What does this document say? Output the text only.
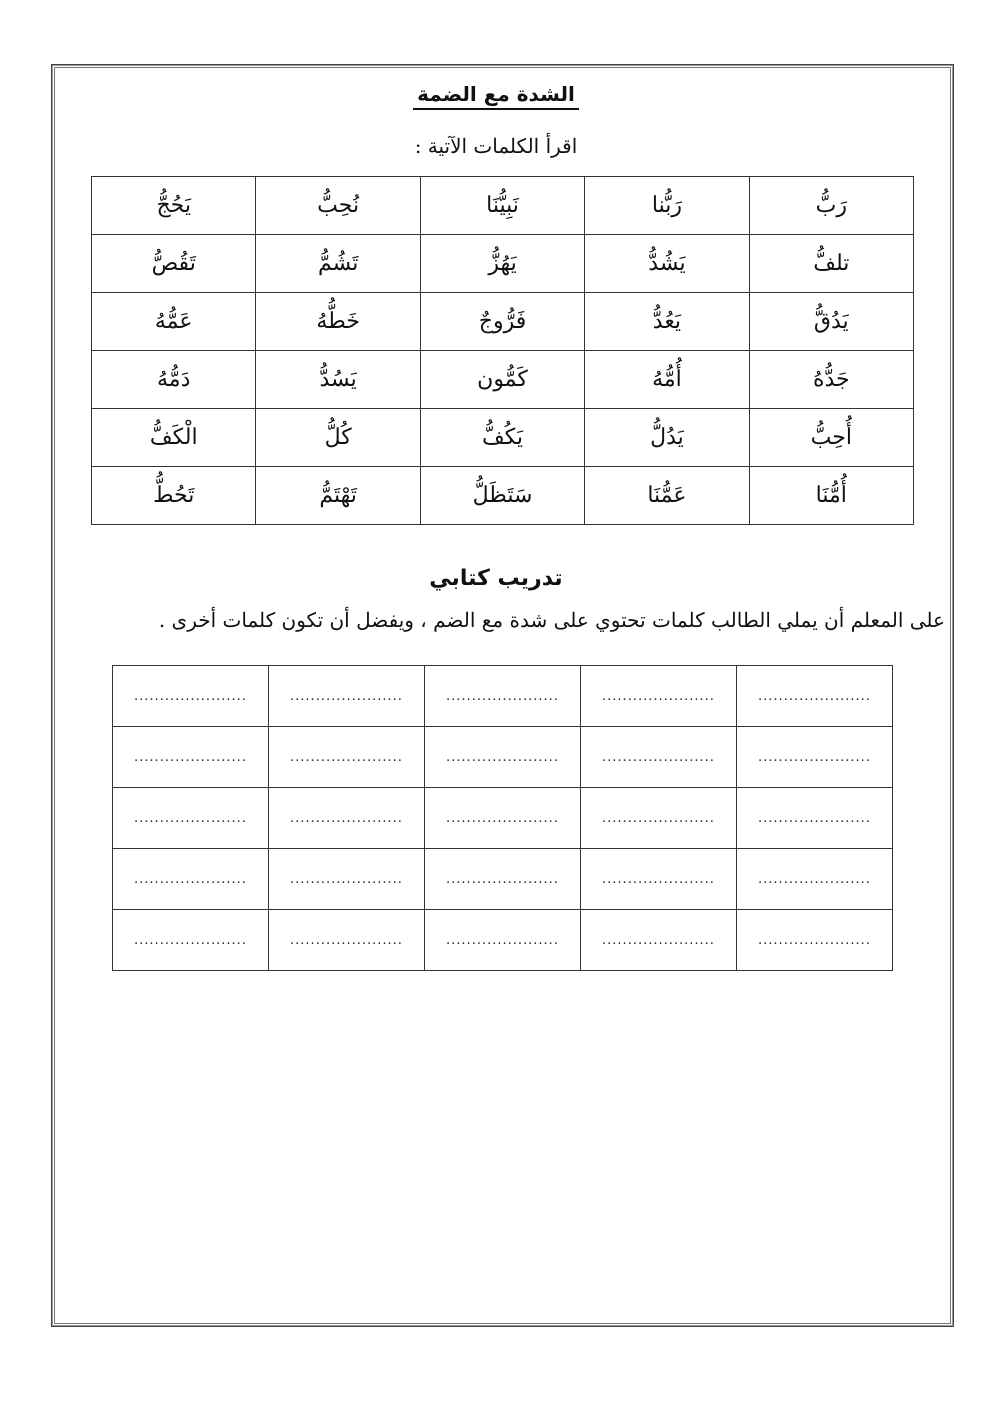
الشدة مع الضمة
اقرأ الكلمات الآتية :
رَبُّ	رَبُّنا	نَبِيُّنَا	نُحِبُّ	يَحُجُّ
تلفُّ	يَشُدُّ	يَهُزُّ	تَشُمُّ	تَقُصُّ
يَدُقُّ	يَعُدُّ	فَرُّوجٌ	خَطُّهُ	عَمُّهُ
جَدُّهُ	أُمُّهُ	كَمُّون	يَسُدُّ	دَمُّهُ
أُحِبُّ	يَدُلُّ	يَكُفُّ	كُلُّ	الْكَفُّ
أُمُّنَا	عَمُّنَا	سَتَظَلُّ	تَهْتَمُّ	تَحُطُّ
تدريب كتابي
على المعلم أن يملي الطالب كلمات تحتوي على شدة مع الضم ، ويفضل أن تكون كلمات أخرى .
......................	......................	......................	......................	......................
......................	......................	......................	......................	......................
......................	......................	......................	......................	......................
......................	......................	......................	......................	......................
......................	......................	......................	......................	......................
